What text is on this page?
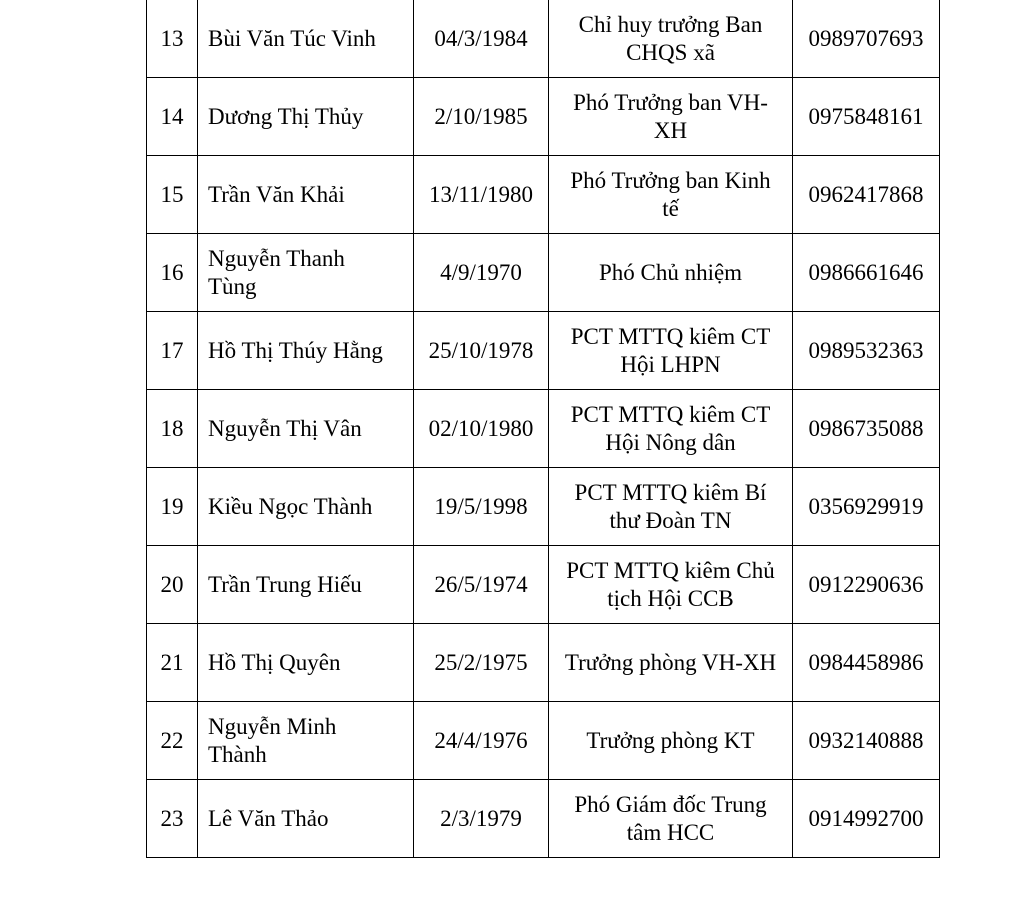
13	Bùi Văn Túc Vinh	04/3/1984	Chỉ huy trưởng Ban CHQS xã	0989707693
14	Dương Thị Thủy	2/10/1985	Phó Trưởng ban VH-XH	0975848161
15	Trần Văn Khải	13/11/1980	Phó Trưởng ban Kinh tế	0962417868
16	Nguyễn Thanh Tùng	4/9/1970	Phó Chủ nhiệm	0986661646
17	Hồ Thị Thúy Hằng	25/10/1978	PCT MTTQ kiêm CT Hội LHPN	0989532363
18	Nguyễn Thị Vân	02/10/1980	PCT MTTQ kiêm CT Hội Nông dân	0986735088
19	Kiều Ngọc Thành	19/5/1998	PCT MTTQ kiêm Bí thư Đoàn TN	0356929919
20	Trần Trung Hiếu	26/5/1974	PCT MTTQ kiêm Chủ tịch Hội CCB	0912290636
21	Hồ Thị Quyên	25/2/1975	Trưởng phòng VH-XH	0984458986
22	Nguyễn Minh Thành	24/4/1976	Trưởng phòng KT	0932140888
23	Lê Văn Thảo	2/3/1979	Phó Giám đốc Trung tâm HCC	0914992700
